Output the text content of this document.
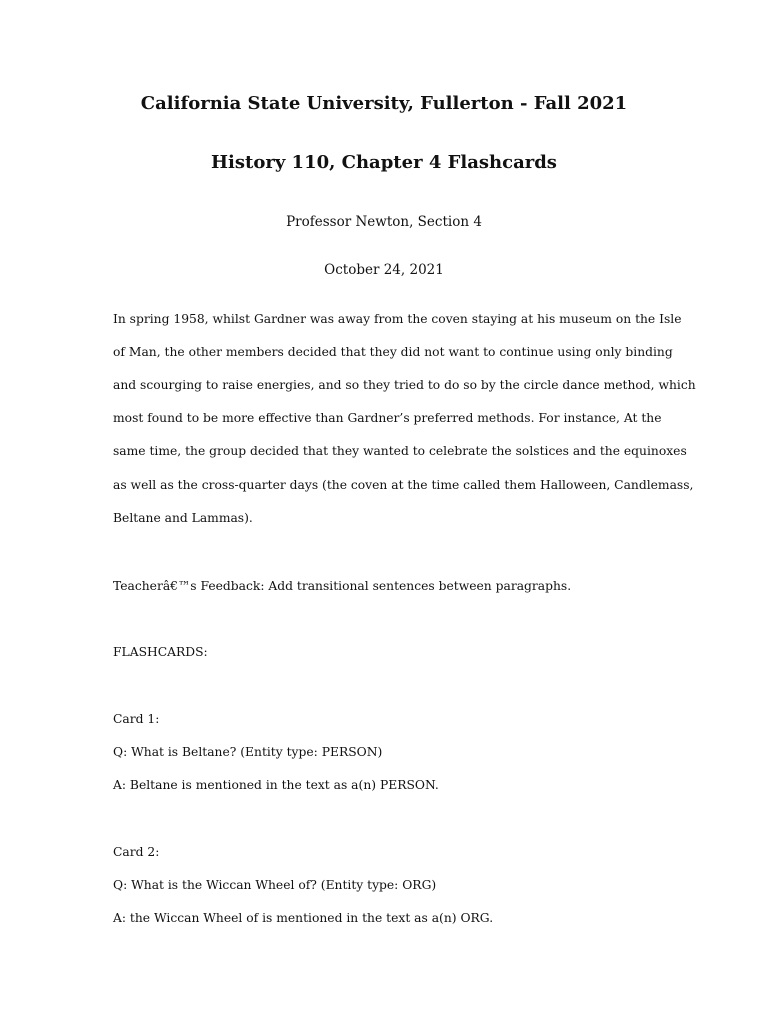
California State University, Fullerton - Fall 2021
History 110, Chapter 4 Flashcards

Professor Newton, Section 4

October 24, 2021

In spring 1958, whilst Gardner was away from the coven staying at his museum on the Isle
of Man, the other members decided that they did not want to continue using only binding
and scourging to raise energies, and so they tried to do so by the circle dance method, which
most found to be more effective than Gardner’s preferred methods. For instance, At the
same time, the group decided that they wanted to celebrate the solstices and the equinoxes
as well as the cross-quarter days (the coven at the time called them Halloween, Candlemass,
Beltane and Lammas).

Teacherâ€™s Feedback: Add transitional sentences between paragraphs.

FLASHCARDS:

Card 1:

Q: What is Beltane? (Entity type: PERSON)

A: Beltane is mentioned in the text as a(n) PERSON.

Card 2:

Q: What is the Wiccan Wheel of? (Entity type: ORG)

A: the Wiccan Wheel of is mentioned in the text as a(n) ORG.
